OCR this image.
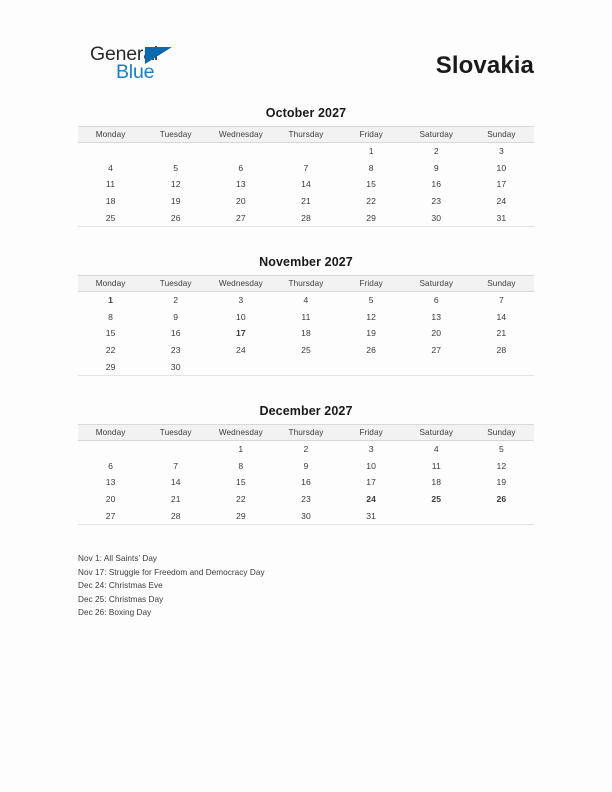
General
Blue	Slovakia
October 2027
Monday	Tuesday	Wednesday	Thursday	Friday	Saturday	Sunday
				1	2	3
4	5	6	7	8	9	10
11	12	13	14	15	16	17
18	19	20	21	22	23	24
25	26	27	28	29	30	31
November 2027
Monday	Tuesday	Wednesday	Thursday	Friday	Saturday	Sunday
1	2	3	4	5	6	7
8	9	10	11	12	13	14
15	16	17	18	19	20	21
22	23	24	25	26	27	28
29	30					
December 2027
Monday	Tuesday	Wednesday	Thursday	Friday	Saturday	Sunday
		1	2	3	4	5
6	7	8	9	10	11	12
13	14	15	16	17	18	19
20	21	22	23	24	25	26
27	28	29	30	31		
Nov 1: All Saints’ Day
Nov 17: Struggle for Freedom and Democracy Day
Dec 24: Christmas Eve
Dec 25: Christmas Day
Dec 26: Boxing Day
